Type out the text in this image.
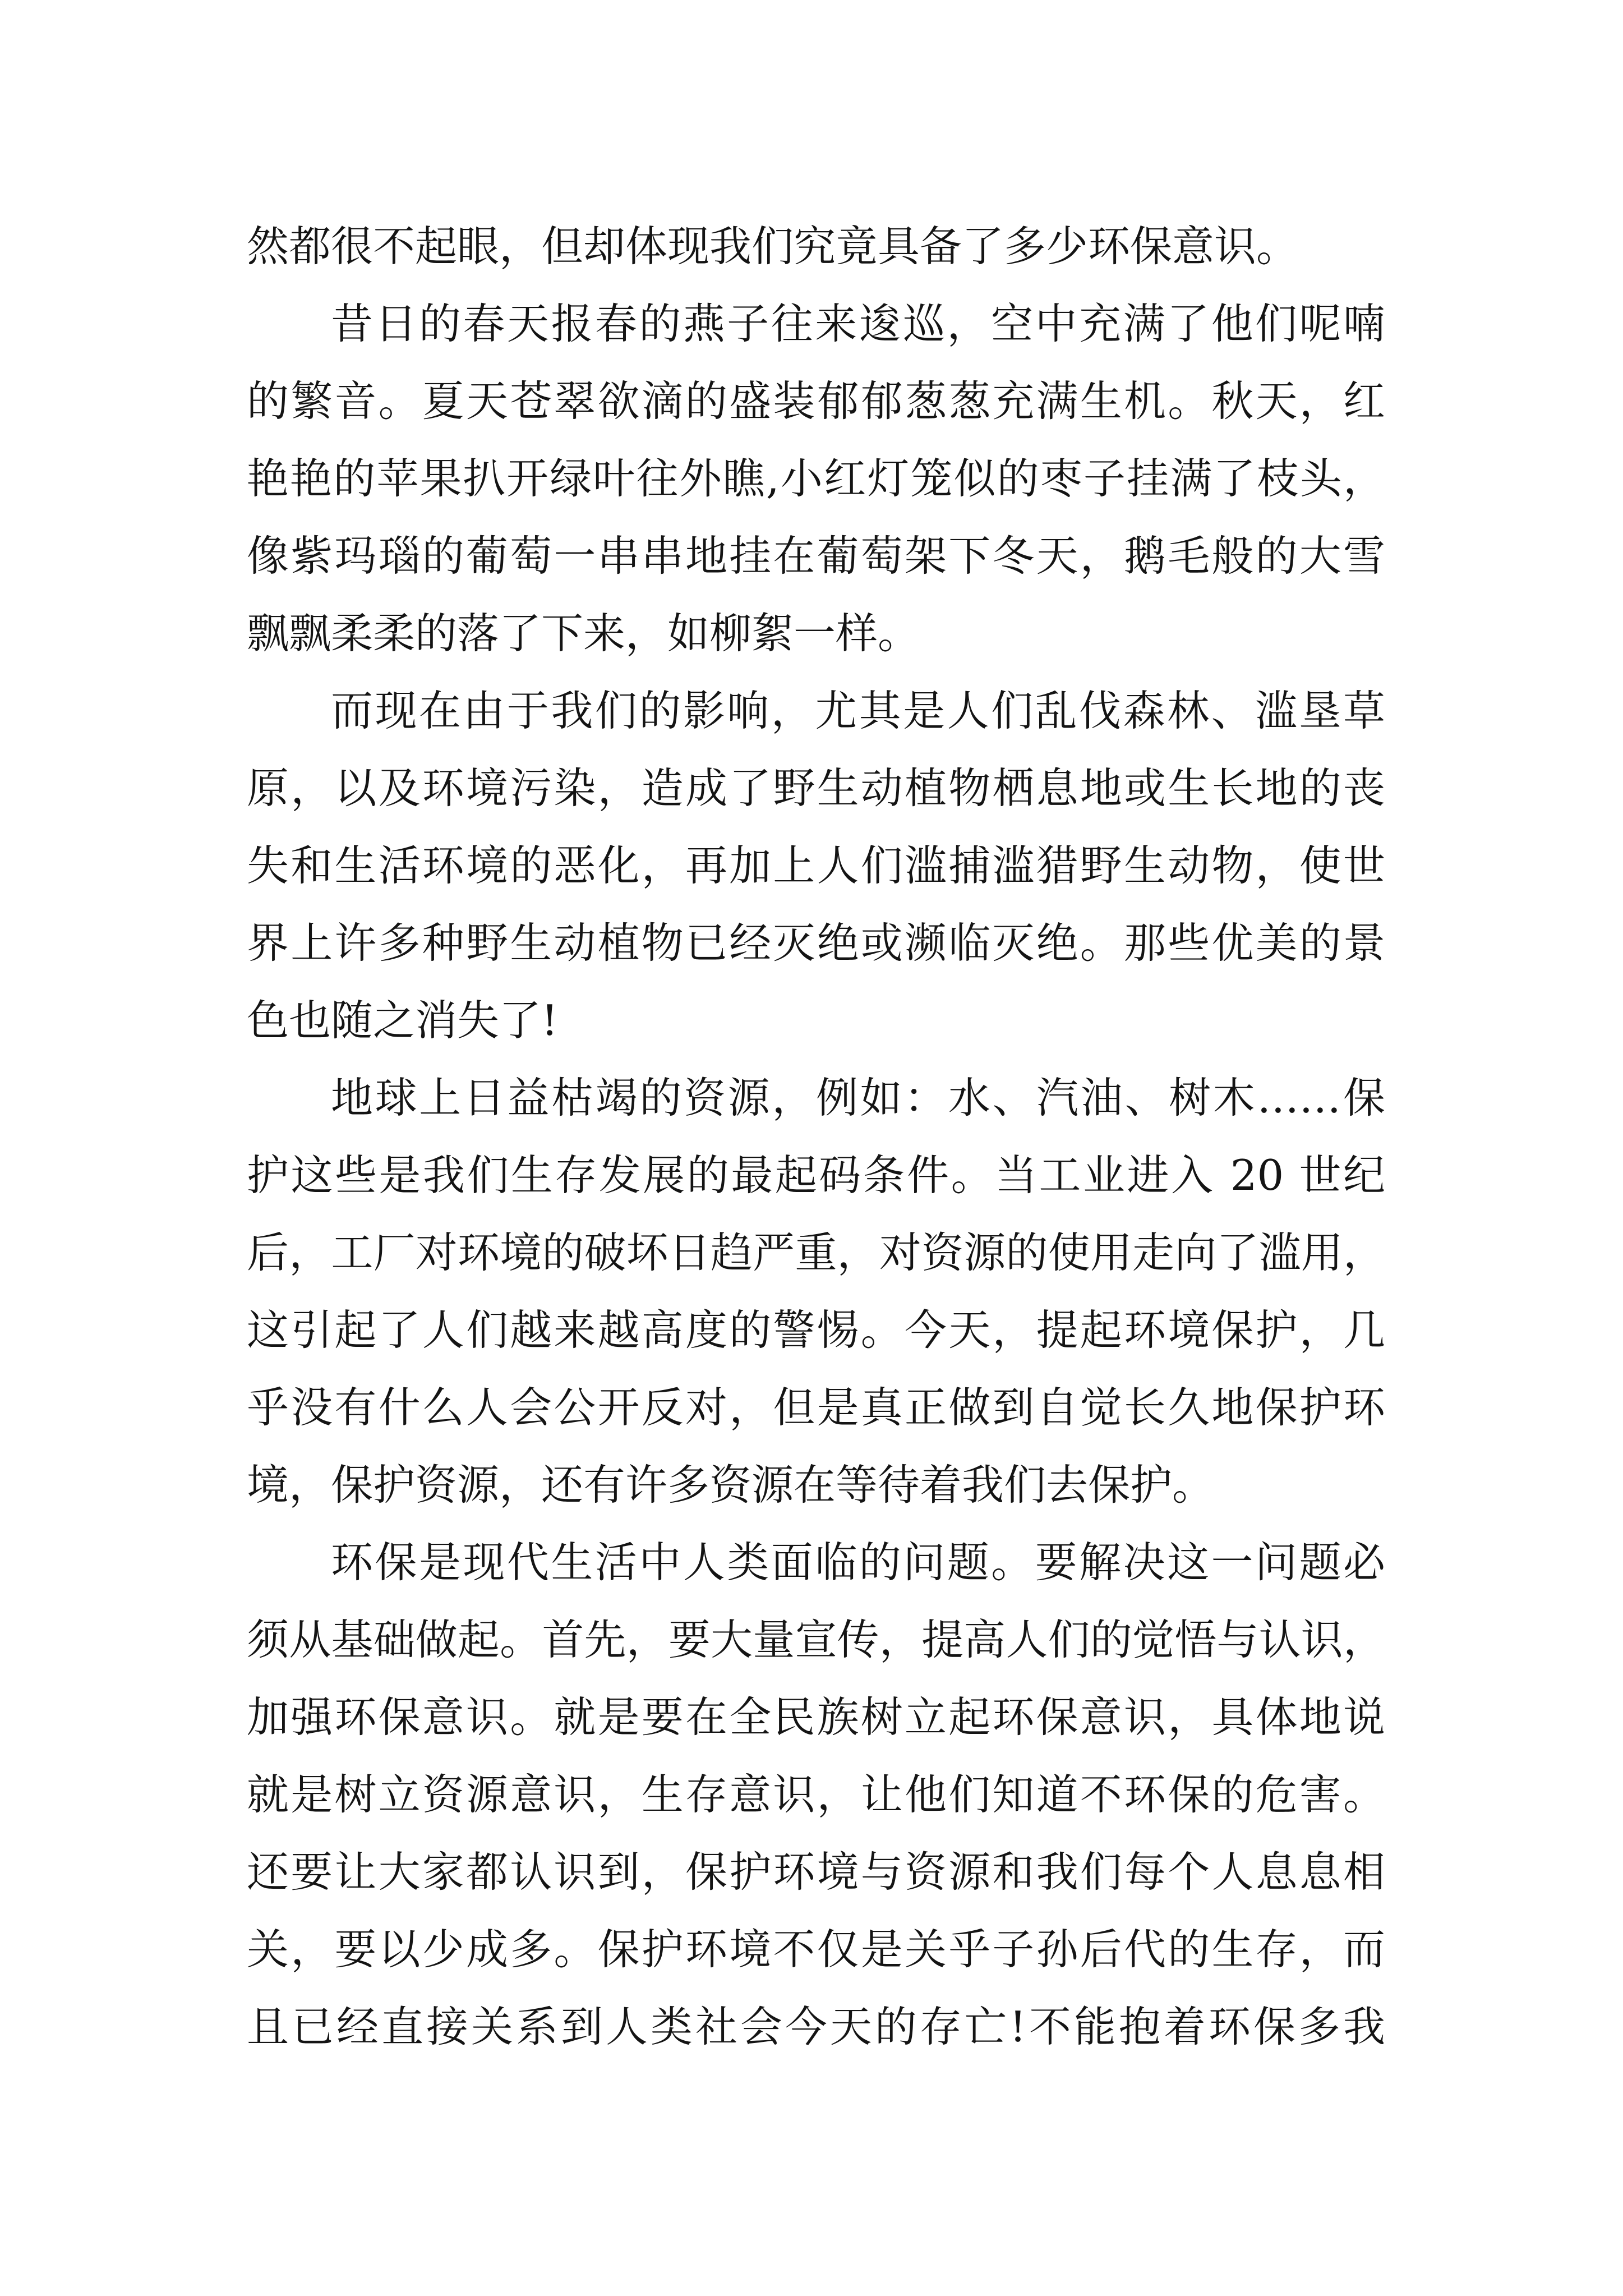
然都很不起眼，但却体现我们究竟具备了多少环保意识。
昔日的春天报春的燕子往来逡巡，空中充满了他们呢喃
的繁音。夏天苍翠欲滴的盛装郁郁葱葱充满生机。秋天，红
艳艳的苹果扒开绿叶往外瞧,小红灯笼似的枣子挂满了枝头，
像紫玛瑙的葡萄一串串地挂在葡萄架下冬天，鹅毛般的大雪
飘飘柔柔的落了下来，如柳絮一样。
而现在由于我们的影响，尤其是人们乱伐森林、滥垦草
原，以及环境污染，造成了野生动植物栖息地或生长地的丧
失和生活环境的恶化，再加上人们滥捕滥猎野生动物，使世
界上许多种野生动植物已经灭绝或濒临灭绝。那些优美的景
色也随之消失了!
地球上日益枯竭的资源，例如：水、汽油、树木……保
护这些是我们生存发展的最起码条件。当工业进入 20 世纪
后，工厂对环境的破坏日趋严重，对资源的使用走向了滥用，
这引起了人们越来越高度的警惕。今天，提起环境保护，几
乎没有什么人会公开反对，但是真正做到自觉长久地保护环
境，保护资源，还有许多资源在等待着我们去保护。
环保是现代生活中人类面临的问题。要解决这一问题必
须从基础做起。首先，要大量宣传，提高人们的觉悟与认识，
加强环保意识。就是要在全民族树立起环保意识，具体地说
就是树立资源意识，生存意识，让他们知道不环保的危害。
还要让大家都认识到，保护环境与资源和我们每个人息息相
关，要以少成多。保护环境不仅是关乎子孙后代的生存，而
且已经直接关系到人类社会今天的存亡!不能抱着环保多我
